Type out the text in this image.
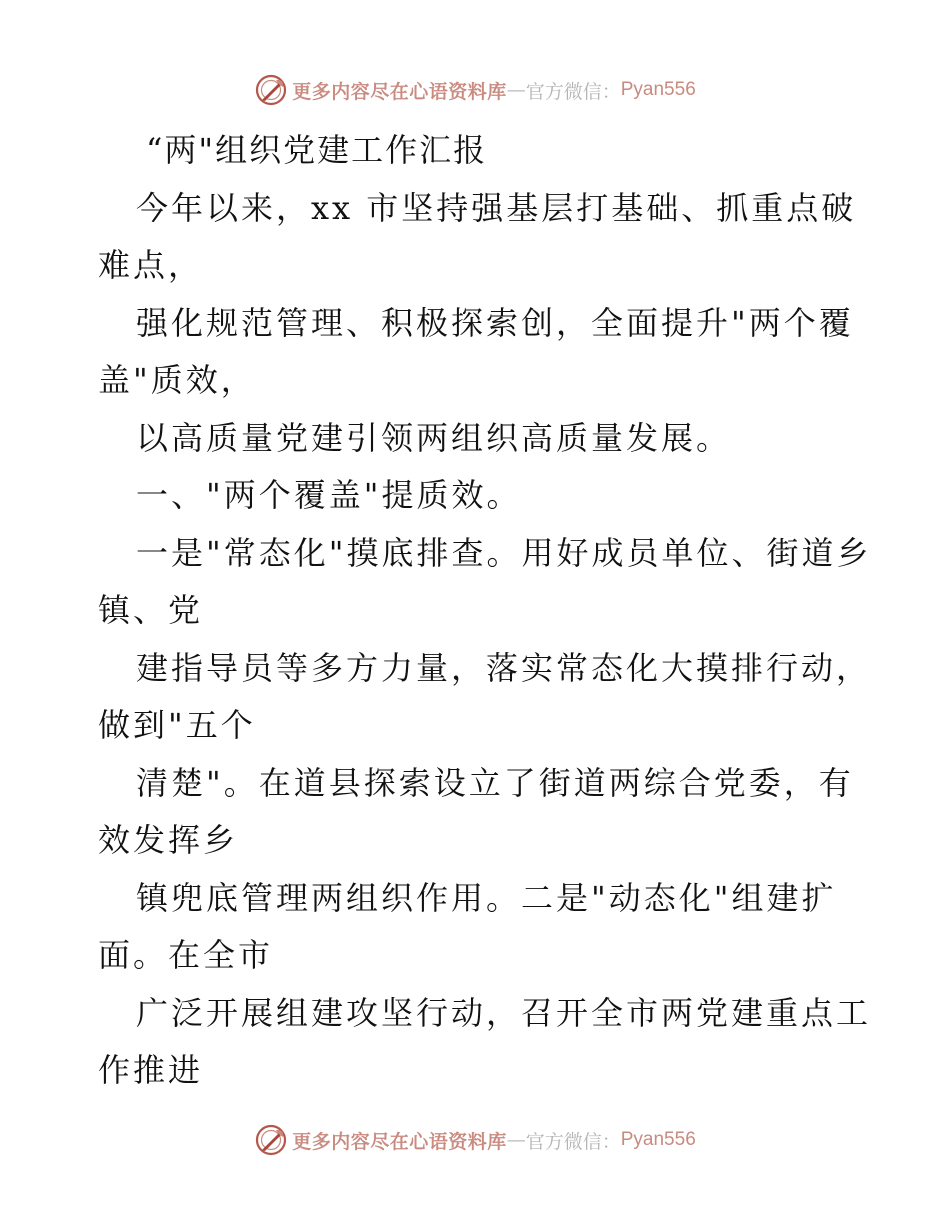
更多内容尽在心语资料库 — 官方微信： Pyan556
“两"组织党建工作汇报
今年以来，xx 市坚持强基层打基础、抓重点破
难点，
强化规范管理、积极探索创，全面提升"两个覆
盖"质效，
以高质量党建引领两组织高质量发展。
一、"两个覆盖"提质效。
一是"常态化"摸底排查。用好成员单位、街道乡
镇、党
建指导员等多方力量，落实常态化大摸排行动，
做到"五个
清楚"。在道县探索设立了街道两综合党委，有
效发挥乡
镇兜底管理两组织作用。二是"动态化"组建扩
面。在全市
广泛开展组建攻坚行动，召开全市两党建重点工
作推进
更多内容尽在心语资料库 — 官方微信： Pyan556
